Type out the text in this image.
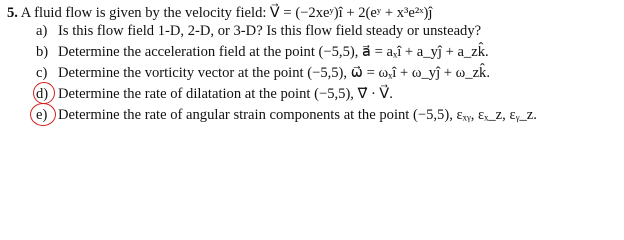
5. A fluid flow is given by the velocity field: V⃗ = (−2xeʸ)î + 2(eʸ + x³e²ˣ)ĵ
a) Is this flow field 1-D, 2-D, or 3-D? Is this flow field steady or unsteady?
b) Determine the acceleration field at the point (−5,5), a⃗ = aₓî + a_yĵ + a_zk̂.
c) Determine the vorticity vector at the point (−5,5), ω⃗ = ωₓî + ω_yĵ + ω_zk̂.
d) Determine the rate of dilatation at the point (−5,5), ∇⃗ · V⃗.
e) Determine the rate of angular strain components at the point (−5,5), εₓᵧ, εₓ_z, εᵧ_z.
